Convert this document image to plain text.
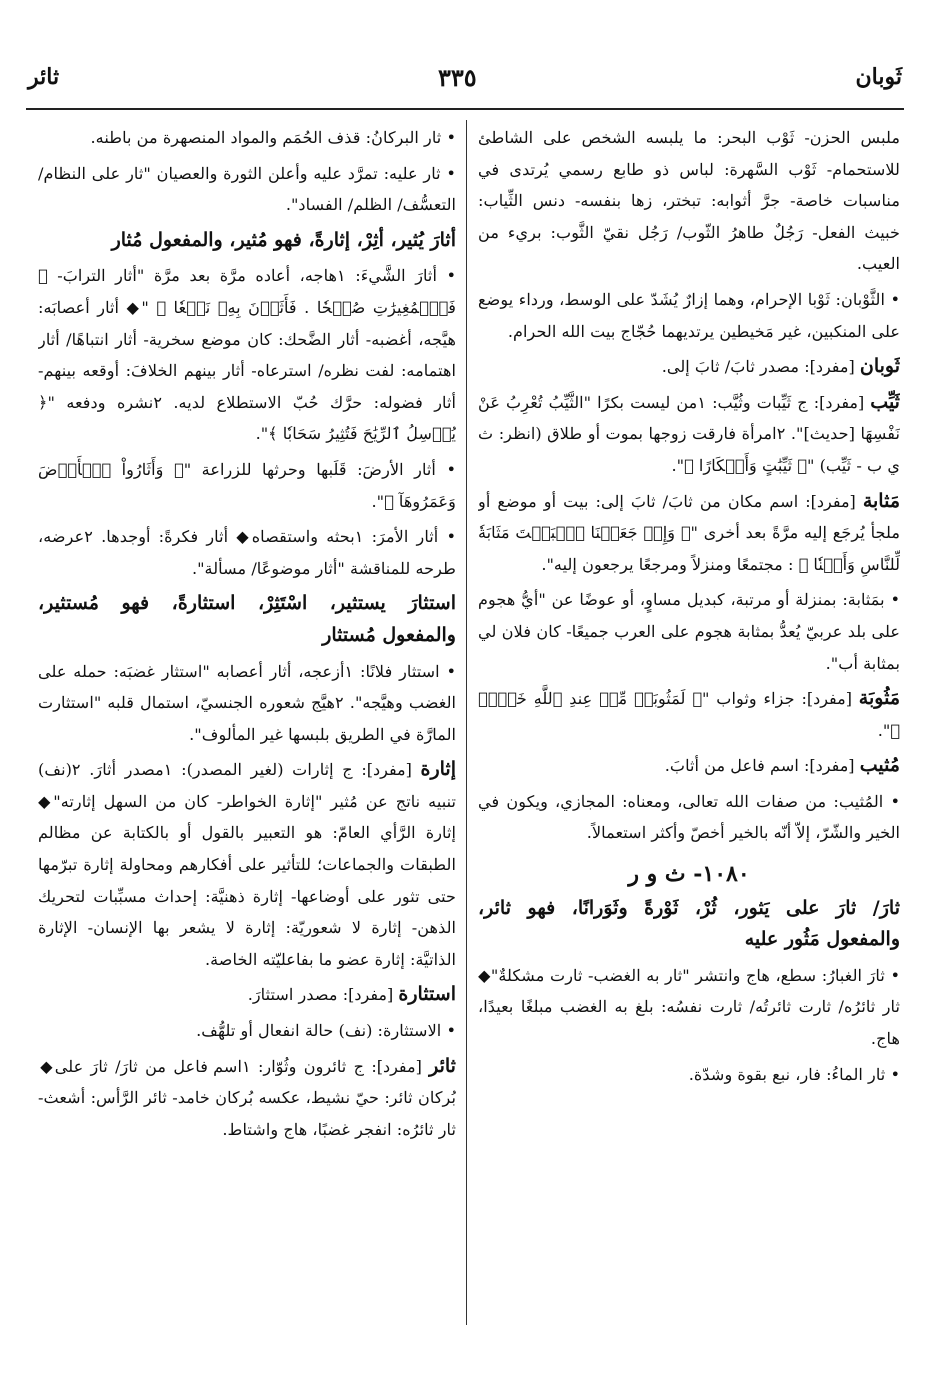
ثَوبان
٣٣٥
ثائر

ملبس الحزن- ثَوْب البحر: ما يلبسه الشخص على الشاطئ للاستحمام- ثَوْب السَّهرة: لباس ذو طابع رسمي يُرتدى في مناسبات خاصة- جرَّ أثوابه: تبختر، زها بنفسه- دنس الثِّياب: خبيث الفعل- رَجُلٌ طاهرُ الثّوب/ رَجُل نقيّ الثَّوب: بريء من العيب.

• الثَّوْبان: ثَوْبا الإحرام، وهما إزارٌ يُشَدّ على الوسط، ورداء يوضع على المنكبين، غير مَخيطين يرتديهما حُجّاج بيت الله الحرام.

ثَوبان [مفرد]: مصدر ثابَ/ ثابَ إلى.

ثَيِّب [مفرد]: ج ثَيِّبات وثُيَّب: ١من ليست بكرًا "الثَّيِّبُ تُعْرِبُ عَنْ نَفْسِهَا [حديث]". ٢امرأة فارقت زوجها بموت أو طلاق (انظر: ث ي ب - ثَيِّب) "﴿ ثَيِّبَٰتٍ وَأَبۡكَارًا ﴾".

مَثابة [مفرد]: اسم مكان من ثابَ/ ثابَ إلى: بيت أو موضع أو ملجأ يُرجَع إليه مرَّةً بعد أخرى "﴿ وَإِذۡ جَعَلۡنَا ٱلۡبَيۡتَ مَثَابَةٗ لِّلنَّاسِ وَأَمۡنٗا ﴾ : مجتمعًا ومنزلاً ومرجعًا يرجعون إليه".

• بمَثابة: بمنزلة أو مرتبة، كبديل مساوٍ، أو عوضًا عن "أيُّ هجوم على بلد عربيّ يُعدُّ بمثابة هجوم على العرب جميعًا- كان فلان لي بمثابة أب".

مَثُوبَة [مفرد]: جزاء وثواب "﴿ لَمَثُوبَةٞ مِّنۡ عِندِ ٱللَّهِ خَيۡرٞ ﴾".

مُثيب [مفرد]: اسم فاعل من أثابَ.

• المُثيب: من صفات الله تعالى، ومعناه: المجازي، ويكون في الخير والشّرّ، إلاّ أنّه بالخير أخصّ وأكثر استعمالاً.

١٠٨٠- ث و ر

ثارَ/ ثارَ على يَثور، ثُرْ، ثَوْرةً وثَوَرانًا، فهو ثائر، والمفعول مَثُور عليه

• ثارَ الغبارُ: سطع، هاج وانتشر "ثار به الغضب- ثارت مشكلةٌ"◆ ثار ثائرُه/ ثارت ثائرتُه/ ثارت نفسُه: بلغ به الغضب مبلغًا بعيدًا، هاج.

• ثار الماءُ: فار، نبع بقوة وشدّة.

• ثار البركانُ: قذف الحُمَم والمواد المنصهرة من باطنه.

• ثار عليه: تمرَّد عليه وأعلن الثورة والعصيان "ثار على النظام/ التعسُّف/ الظلم/ الفساد".

أثارَ يُثير، أثِرْ، إثارةً، فهو مُثير، والمفعول مُثار

• أثارَ الشَّيءَ: ١هاجه، أعاده مرَّة بعد مرَّة "أثار الترابَ- ﴿ فَٱلۡمُغِيرَٰتِ صُبۡحٗا . فَأَثَرۡنَ بِهِۦ نَقۡعٗا ﴾ "◆ أثار أعصابَه: هيَّجه، أغضبه- أثار الضَّحك: كان موضع سخرية- أثار انتباهًا/ أثار اهتمامه: لفت نظره/ استرعاه- أثار بينهم الخلافَ: أوقعه بينهم- أثار فضوله: حرَّك حُبّ الاستطلاع لديه. ٢نشره ودفعه "﴿ يُرۡسِلُ ٱلرِّيَٰحَ فَتُثِيرُ سَحَابٗا ﴾".

• أثار الأرضَ: قَلَبها وحرثها للزراعة "﴿ وَأَثَارُواْ ٱلۡأَرۡضَ وَعَمَرُوهَآ ﴾".

• أثار الأمرَ: ١بحثه واستقصاه◆ أثار فكرةً: أوجدها. ٢عرضه، طرحه للمناقشة "أثار موضوعًا/ مسألة".

استثارَ يستثير، اسْتَثِرْ، استثارةً، فهو مُستثير، والمفعول مُستثار

• استثار فلانًا: ١أزعجه، أثار أعصابه "استثار غضبَه: حمله على الغضب وهيَّجه". ٢هيَّج شعوره الجنسيّ، استمال قلبه "استثارت المارَّة في الطريق بلبسها غير المألوف".

إثارة [مفرد]: ج إثارات (لغير المصدر): ١مصدر أثارَ. ٢(نف) تنبيه ناتج عن مُثير "إثارة الخواطر- كان من السهل إثارته"◆ إثارة الرَّأي العامّ: هو التعبير بالقول أو بالكتابة عن مظالم الطبقات والجماعات؛ للتأثير على أفكارهم ومحاولة إثارة تبرّمها حتى تثور على أوضاعها- إثارة ذهنيَّة: إحداث مسبِّبات لتحريك الذهن- إثارة لا شعوريّة: إثارة لا يشعر بها الإنسان- الإثارة الذاتيَّة: إثارة عضو ما بفاعليّته الخاصة.

استثارة [مفرد]: مصدر استثارَ.

• الاستثارة: (نف) حالة انفعال أو تلهُّف.

ثائر [مفرد]: ج ثائرون وثُوّار: ١اسم فاعل من ثارَ/ ثارَ على◆ بُركان ثائر: حيّ نشيط، عكسه بُركان خامد- ثائر الرَّأس: أشعث- ثار ثائرُه: انفجر غضبًا، هاج واشتاط.
